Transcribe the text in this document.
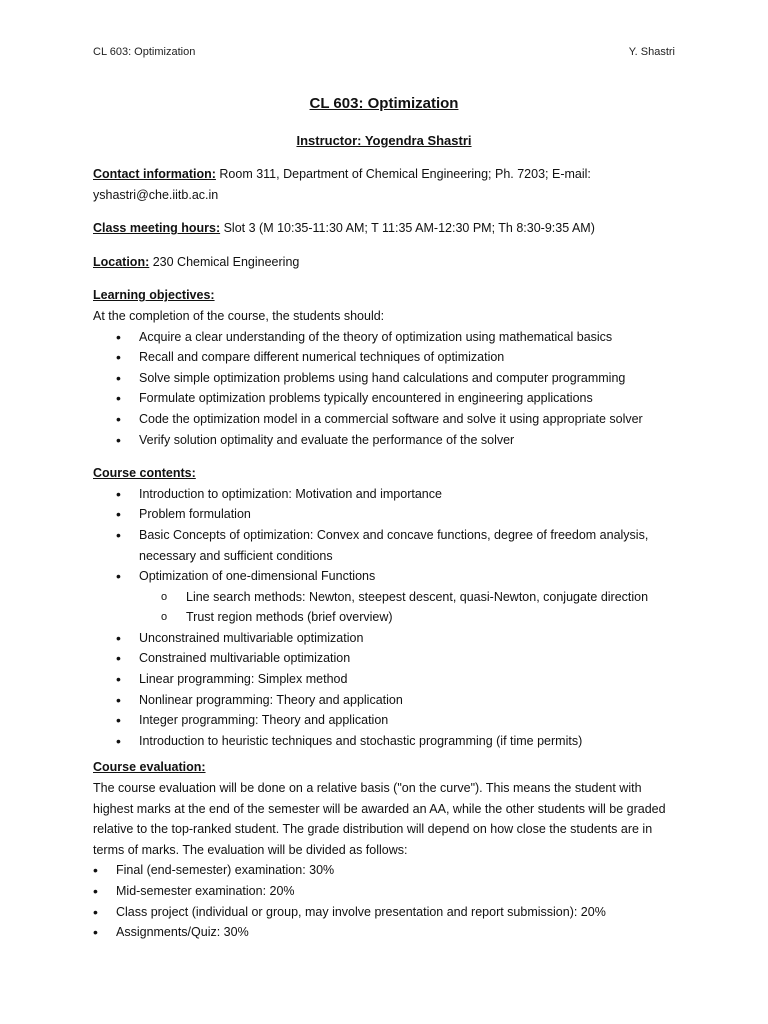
CL 603: Optimization	Y. Shastri
CL 603: Optimization
Instructor: Yogendra Shastri

Contact information: Room 311, Department of Chemical Engineering; Ph. 7203; E-mail: yshastri@che.iitb.ac.in

Class meeting hours: Slot 3 (M 10:35-11:30 AM; T 11:35 AM-12:30 PM; Th 8:30-9:35 AM)

Location: 230 Chemical Engineering

Learning objectives:

At the completion of the course, the students should:

• Acquire a clear understanding of the theory of optimization using mathematical basics
• Recall and compare different numerical techniques of optimization
• Solve simple optimization problems using hand calculations and computer programming
• Formulate optimization problems typically encountered in engineering applications
• Code the optimization model in a commercial software and solve it using appropriate solver
• Verify solution optimality and evaluate the performance of the solver

Course contents:

• Introduction to optimization: Motivation and importance
• Problem formulation
• Basic Concepts of optimization: Convex and concave functions, degree of freedom analysis, necessary and sufficient conditions
• Optimization of one-dimensional Functions
o Line search methods: Newton, steepest descent, quasi-Newton, conjugate direction
o Trust region methods (brief overview)
• Unconstrained multivariable optimization
• Constrained multivariable optimization
• Linear programming: Simplex method
• Nonlinear programming: Theory and application
• Integer programming: Theory and application
• Introduction to heuristic techniques and stochastic programming (if time permits)

Course evaluation:

The course evaluation will be done on a relative basis ("on the curve"). This means the student with highest marks at the end of the semester will be awarded an AA, while the other students will be graded relative to the top-ranked student. The grade distribution will depend on how close the students are in terms of marks. The evaluation will be divided as follows:

• Final (end-semester) examination: 30%
• Mid-semester examination: 20%
• Class project (individual or group, may involve presentation and report submission): 20%
• Assignments/Quiz: 30%
